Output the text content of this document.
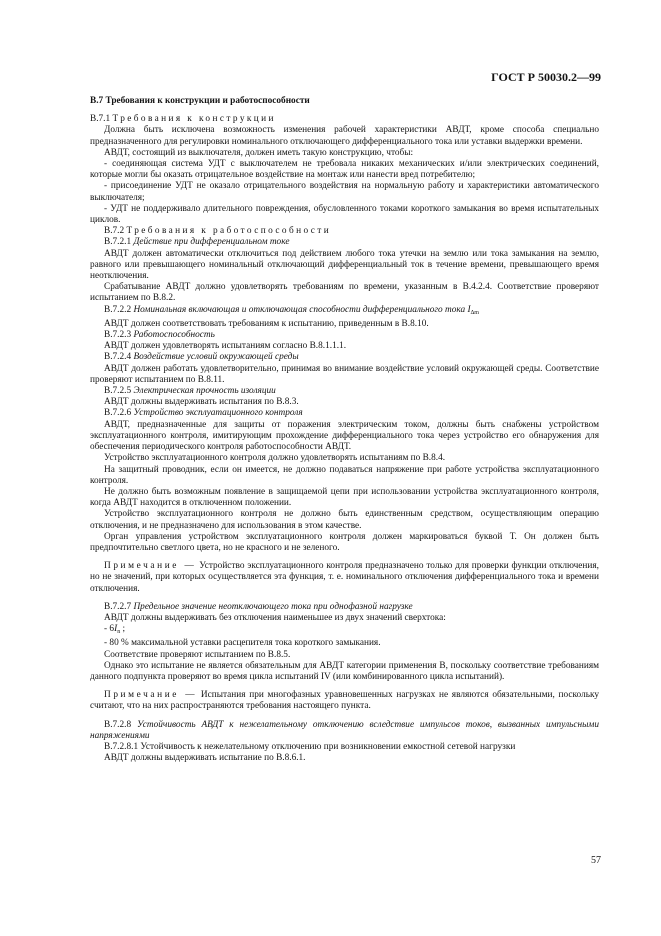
ГОСТ Р 50030.2—99

В.7 Требования к конструкции и работоспособности

В.7.1 Требования к конструкции

Должна быть исключена возможность изменения рабочей характеристики АВДТ, кроме способа специально предназначенного для регулировки номинального отключающего дифференциального тока или уставки выдержки времени.

АВДТ, состоящий из выключателя, должен иметь такую конструкцию, чтобы:

- соединяющая система УДТ с выключателем не требовала никаких механических и/или электрических соединений, которые могли бы оказать отрицательное воздействие на монтаж или нанести вред потребителю;

- присоединение УДТ не оказало отрицательного воздействия на нормальную работу и характеристики автоматического выключателя;

- УДТ не поддерживало длительного повреждения, обусловленного токами короткого замыкания во время испытательных циклов.

В.7.2 Требования к работоспособности

В.7.2.1 Действие при дифференциальном токе

АВДТ должен автоматически отключиться под действием любого тока утечки на землю или тока замыкания на землю, равного или превышающего номинальный отключающий дифференциальный ток в течение времени, превышающего время неотключения.

Срабатывание АВДТ должно удовлетворять требованиям по времени, указанным в В.4.2.4. Соответствие проверяют испытанием по В.8.2.

В.7.2.2 Номинальная включающая и отключающая способности дифференциального тока $I_{\Delta m}$

АВДТ должен соответствовать требованиям к испытанию, приведенным в В.8.10.

В.7.2.3 Работоспособность

АВДТ должен удовлетворять испытаниям согласно В.8.1.1.1.

В.7.2.4 Воздействие условий окружающей среды

АВДТ должен работать удовлетворительно, принимая во внимание воздействие условий окружающей среды. Соответствие проверяют испытанием по В.8.11.

В.7.2.5 Электрическая прочность изоляции

АВДТ должны выдерживать испытания по В.8.3.

В.7.2.6 Устройство эксплуатационного контроля

АВДТ, предназначенные для защиты от поражения электрическим током, должны быть снабжены устройством эксплуатационного контроля, имитирующим прохождение дифференциального тока через устройство его обнаружения для обеспечения периодического контроля работоспособности АВДТ.

Устройство эксплуатационного контроля должно удовлетворять испытаниям по В.8.4.

На защитный проводник, если он имеется, не должно подаваться напряжение при работе устройства эксплуатационного контроля.

Не должно быть возможным появление в защищаемой цепи при использовании устройства эксплуатационного контроля, когда АВДТ находится в отключенном положении.

Устройство эксплуатационного контроля не должно быть единственным средством, осуществляющим операцию отключения, и не предназначено для использования в этом качестве.

Орган управления устройством эксплуатационного контроля должен маркироваться буквой Т. Он должен быть предпочтительно светлого цвета, но не красного и не зеленого.

Примечание — Устройство эксплуатационного контроля предназначено только для проверки функции отключения, но не значений, при которых осуществляется эта функция, т. е. номинального отключения дифференциального тока и времени отключения.

В.7.2.7 Предельное значение неотключающего тока при однофазной нагрузке

АВДТ должны выдерживать без отключения наименьшее из двух значений сверхтока:

- $6I_n$ ;

- 80 % максимальной уставки расцепителя тока короткого замыкания.

Соответствие проверяют испытанием по В.8.5.

Однако это испытание не является обязательным для АВДТ категории применения В, поскольку соответствие требованиям данного подпункта проверяют во время цикла испытаний IV (или комбинированного цикла испытаний).

Примечание — Испытания при многофазных уравновешенных нагрузках не являются обязательными, поскольку считают, что на них распространяются требования настоящего пункта.

В.7.2.8 Устойчивость АВДТ к нежелательному отключению вследствие импульсов токов, вызванных импульсными напряжениями

В.7.2.8.1 Устойчивость к нежелательному отключению при возникновении емкостной сетевой нагрузки

АВДТ должны выдерживать испытание по В.8.6.1.

57
